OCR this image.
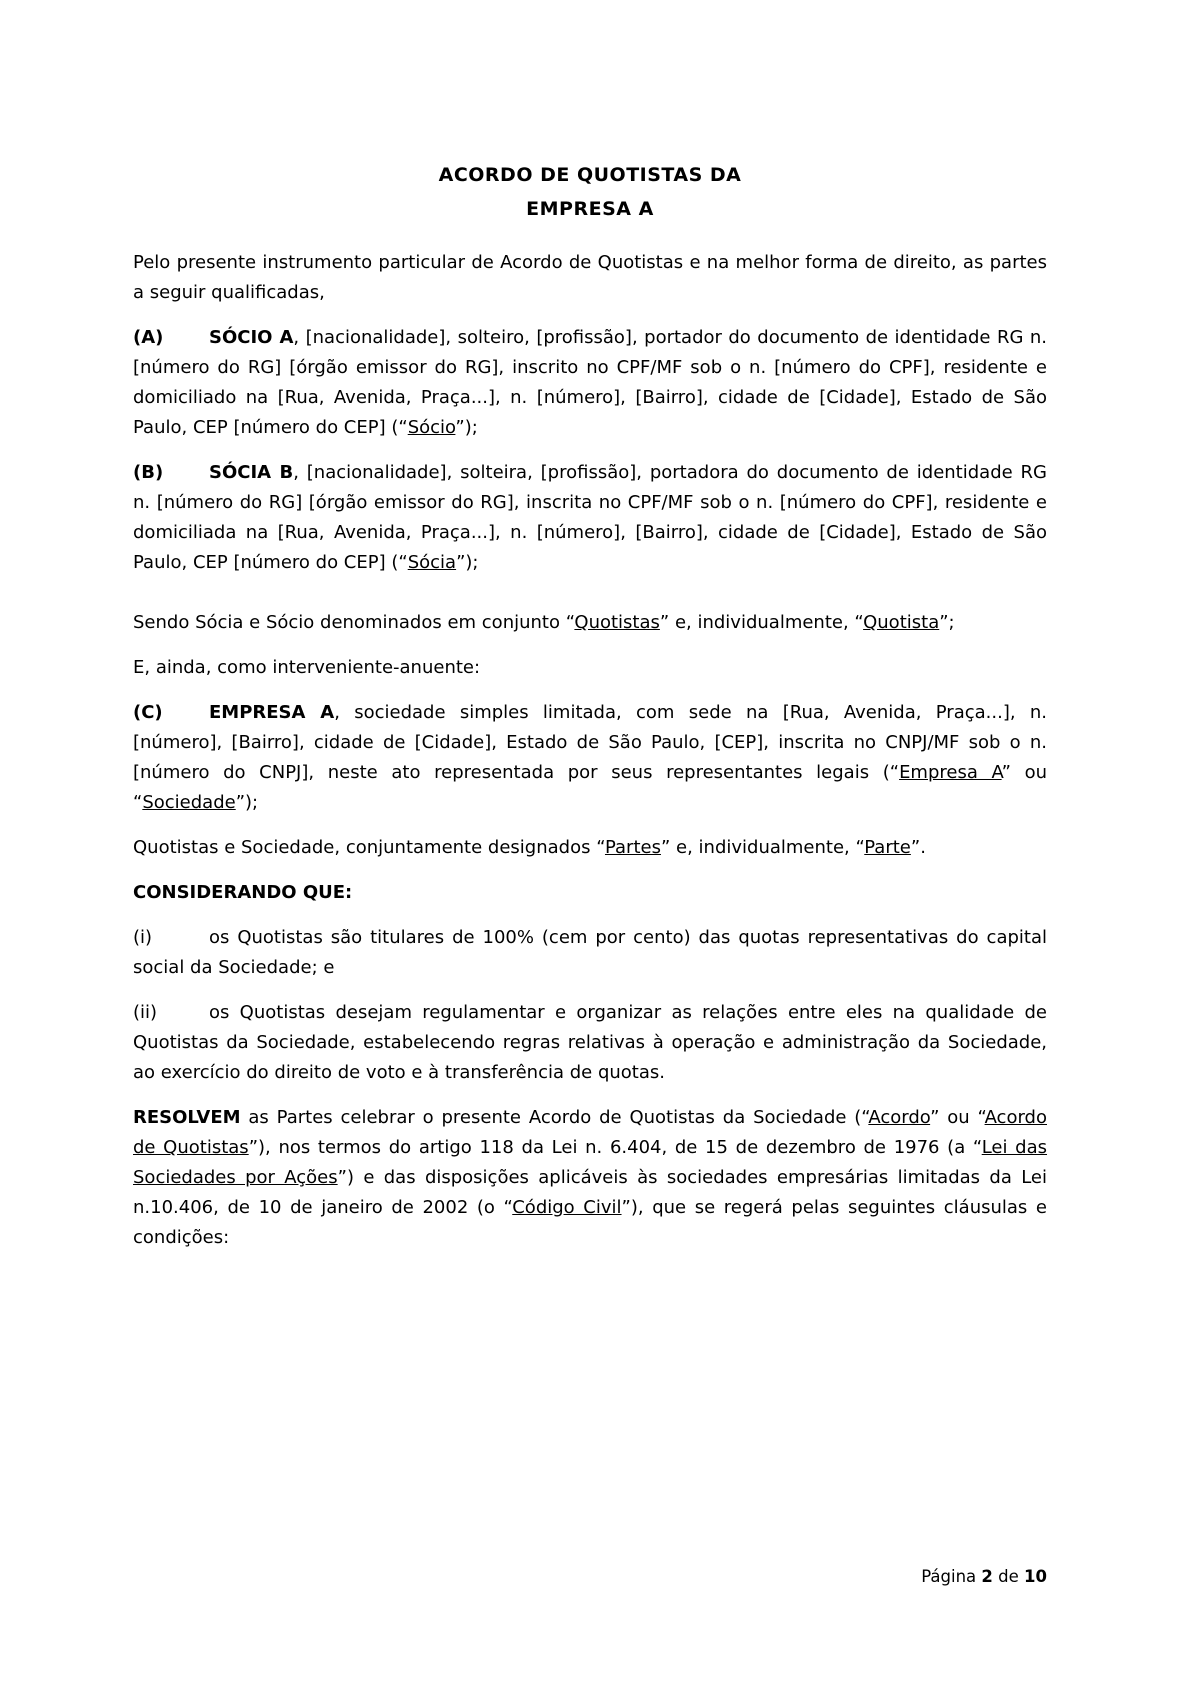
ACORDO DE QUOTISTAS DA
EMPRESA A

Pelo presente instrumento particular de Acordo de Quotistas e na melhor forma de direito, as partes a seguir qualificadas,

(A)	SÓCIO A, [nacionalidade], solteiro, [profissão], portador do documento de identidade RG n. [número do RG] [órgão emissor do RG], inscrito no CPF/MF sob o n. [número do CPF], residente e domiciliado na [Rua, Avenida, Praça...], n. [número], [Bairro], cidade de [Cidade], Estado de São Paulo, CEP [número do CEP] (“Sócio”);

(B)	SÓCIA B, [nacionalidade], solteira, [profissão], portadora do documento de identidade RG n. [número do RG] [órgão emissor do RG], inscrita no CPF/MF sob o n. [número do CPF], residente e domiciliada na [Rua, Avenida, Praça...], n. [número], [Bairro], cidade de [Cidade], Estado de São Paulo, CEP [número do CEP] (“Sócia”);

Sendo Sócia e Sócio denominados em conjunto “Quotistas” e, individualmente, “Quotista”;

E, ainda, como interveniente-anuente:

(C)	EMPRESA A, sociedade simples limitada, com sede na [Rua, Avenida, Praça...], n. [número], [Bairro], cidade de [Cidade], Estado de São Paulo, [CEP], inscrita no CNPJ/MF sob o n. [número do CNPJ], neste ato representada por seus representantes legais (“Empresa A” ou “Sociedade”);

Quotistas e Sociedade, conjuntamente designados “Partes” e, individualmente, “Parte”.

CONSIDERANDO QUE:

(i)	os Quotistas são titulares de 100% (cem por cento) das quotas representativas do capital social da Sociedade; e

(ii)	os Quotistas desejam regulamentar e organizar as relações entre eles na qualidade de Quotistas da Sociedade, estabelecendo regras relativas à operação e administração da Sociedade, ao exercício do direito de voto e à transferência de quotas.

RESOLVEM as Partes celebrar o presente Acordo de Quotistas da Sociedade (“Acordo” ou “Acordo de Quotistas”), nos termos do artigo 118 da Lei n. 6.404, de 15 de dezembro de 1976 (a “Lei das Sociedades por Ações”) e das disposições aplicáveis às sociedades empresárias limitadas da Lei n.10.406, de 10 de janeiro de 2002 (o “Código Civil”), que se regerá pelas seguintes cláusulas e condições:

Página 2 de 10
